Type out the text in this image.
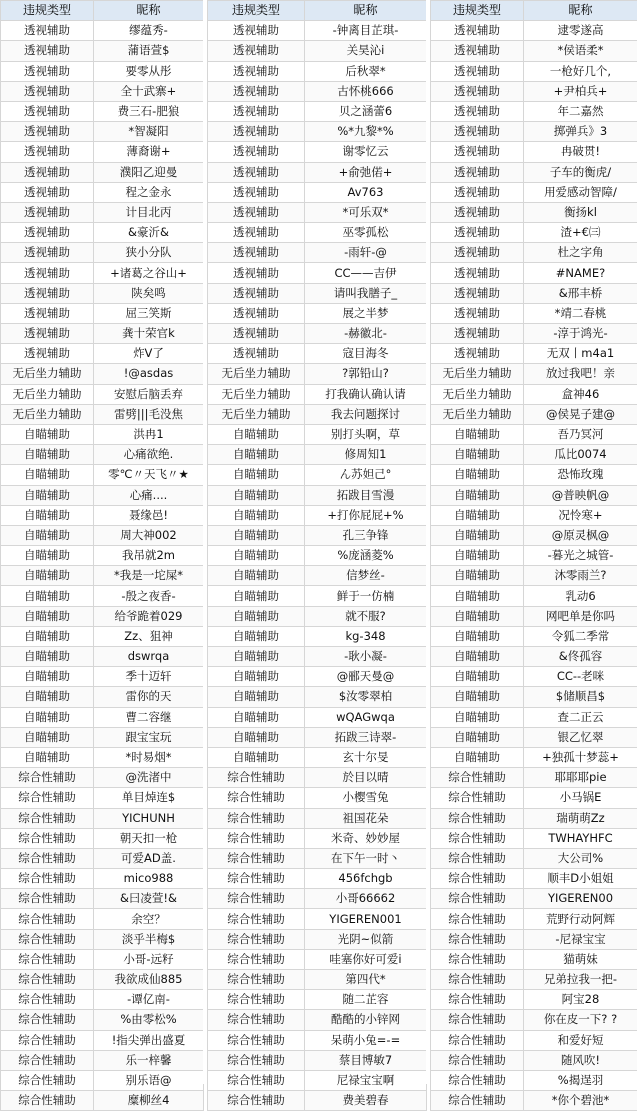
违规类型	昵称
透视辅助	缪蕴秀-
透视辅助	蒲语萱$
透视辅助	要零从彤
透视辅助	全十武寨+
透视辅助	费三石-肥狼
透视辅助	*智凝阳
透视辅助	薄裔谢+
透视辅助	濮阳乙迎曼
透视辅助	程之金永
透视辅助	计目北丙
透视辅助	&豪沂&
透视辅助	狭小分队
透视辅助	+诸葛之谷山+
透视辅助	陕矣鸣
透视辅助	屈三笑斯
透视辅助	龚十荣官k
透视辅助	炸V了
无后坐力辅助	!@asdas
无后坐力辅助	安慰后脑丢弃
无后坐力辅助	雷劈|||毛没焦
自瞄辅助	洪冉1
自瞄辅助	心痛欲绝.
自瞄辅助	零℃〃天飞〃★
自瞄辅助	心痛....
自瞄辅助	聂缘邑!
自瞄辅助	周大神002
自瞄辅助	我吊就2m
自瞄辅助	*我是一坨屎*
自瞄辅助	-殷之夜香-
自瞄辅助	给爷跪着029
自瞄辅助	Zz、狙神
自瞄辅助	dswrqa
自瞄辅助	季十迈轩
自瞄辅助	雷你的天
自瞄辅助	曹二容继
自瞄辅助	跟宝宝玩
自瞄辅助	*时易烟*
综合性辅助	@洗渚中
综合性辅助	单目焯连$
综合性辅助	YICHUNH
综合性辅助	朝天扣一枪
综合性辅助	可爱AD盖.
综合性辅助	mico988
综合性辅助	&曰凌萱!&
综合性辅助	余空？
综合性辅助	淡乎半梅$
综合性辅助	小哥-远籽
综合性辅助	我欲成仙885
综合性辅助	-谭亿南-
综合性辅助	%由零松%
综合性辅助	!指尖弹出盛夏
综合性辅助	乐一梓馨
综合性辅助	别乐语@
综合性辅助	糜柳丝4
违规类型	昵称
透视辅助	-钟离目芷琪-
透视辅助	关昊沁i
透视辅助	后秋翠*
透视辅助	古怀桃666
透视辅助	贝之涵蕾6
透视辅助	%*九黎*%
透视辅助	谢零忆云
透视辅助	+俞弛偌+
透视辅助	Av763
透视辅助	*可乐双*
透视辅助	巫零孤松
透视辅助	-雨轩-@
透视辅助	CC——吉伊
透视辅助	请叫我膳子_
透视辅助	展之半梦
透视辅助	-赫徽北-
透视辅助	寇目海冬
无后坐力辅助	?郭铅山?
无后坐力辅助	打我确认确认请
无后坐力辅助	我去问题探讨
自瞄辅助	别打头啊，草
自瞄辅助	修周知1
自瞄辅助	ん苏妲己°
自瞄辅助	拓跋目雪漫
自瞄辅助	+打你屁屁+%
自瞄辅助	孔三争锋
自瞄辅助	%庞涵菱%
自瞄辅助	信梦丝-
自瞄辅助	鲜于一仿楠
自瞄辅助	就不服?
自瞄辅助	kg-348
自瞄辅助	-耿小凝-
自瞄辅助	@郦天曼@
自瞄辅助	$汝零翠柏
自瞄辅助	wQAGwqa
自瞄辅助	拓跋三诗翠-
自瞄辅助	玄十尔旻
综合性辅助	於目以晴
综合性辅助	小樱雪兔
综合性辅助	祖国花朵
综合性辅助	米奇、妙妙屋
综合性辅助	在下午一时丶
综合性辅助	456fchgb
综合性辅助	小哥66662
综合性辅助	YIGEREN001
综合性辅助	光阴~似箭
综合性辅助	哇塞你好可爱i
综合性辅助	第四代*
综合性辅助	随二芷容
综合性辅助	酷酷的小锌网
综合性辅助	呆萌小兔=-=
综合性辅助	蔡目博敏7
综合性辅助	尼禄宝宝啊
综合性辅助	费美碧春
违规类型	昵称
透视辅助	逮零遂高
透视辅助	*侯语柔*
透视辅助	一枪好几个,
透视辅助	+尹柏兵+
透视辅助	年二嘉然
透视辅助	掷弹兵》3
透视辅助	冉破贯!
透视辅助	子车的衡虎/
透视辅助	用爱感动智障/
透视辅助	衡扬kl
透视辅助	渣+€㈢
透视辅助	杜之字角
透视辅助	#NAME?
透视辅助	&邢丰桥
透视辅助	*靖二春桃
透视辅助	-淳于鸿光-
透视辅助	无双丨m4a1
无后坐力辅助	放过我吧！亲
无后坐力辅助	盒神46
无后坐力辅助	@侯晃子建@
自瞄辅助	吾乃冥河
自瞄辅助	瓜比0074
自瞄辅助	恐怖玫瑰
自瞄辅助	@普映帆@
自瞄辅助	况怜寒+
自瞄辅助	@原灵枫@
自瞄辅助	-暮光之城管-
自瞄辅助	沐零雨兰?
自瞄辅助	乳动6
自瞄辅助	网吧单是你吗
自瞄辅助	令狐二季常
自瞄辅助	&佟孤容
自瞄辅助	CC--老咪
自瞄辅助	$储顺昌$
自瞄辅助	查二正云
自瞄辅助	银乙忆翠
自瞄辅助	+独孤十梦蕊+
综合性辅助	耶耶耶pie
综合性辅助	小马锅E
综合性辅助	瑞萌萌Zz
综合性辅助	TWHAYHFC
综合性辅助	大公司%
综合性辅助	顺丰D小姐姐
综合性辅助	YIGEREN00
综合性辅助	荒野行动阿辉
综合性辅助	-尼禄宝宝
综合性辅助	猫萌妹
综合性辅助	兄弟拉我一把-
综合性辅助	阿宝28
综合性辅助	你在皮一下? ?
综合性辅助	和爱好短
综合性辅助	随风吹!
综合性辅助	%揭逞羽
综合性辅助	*你个碧池*
